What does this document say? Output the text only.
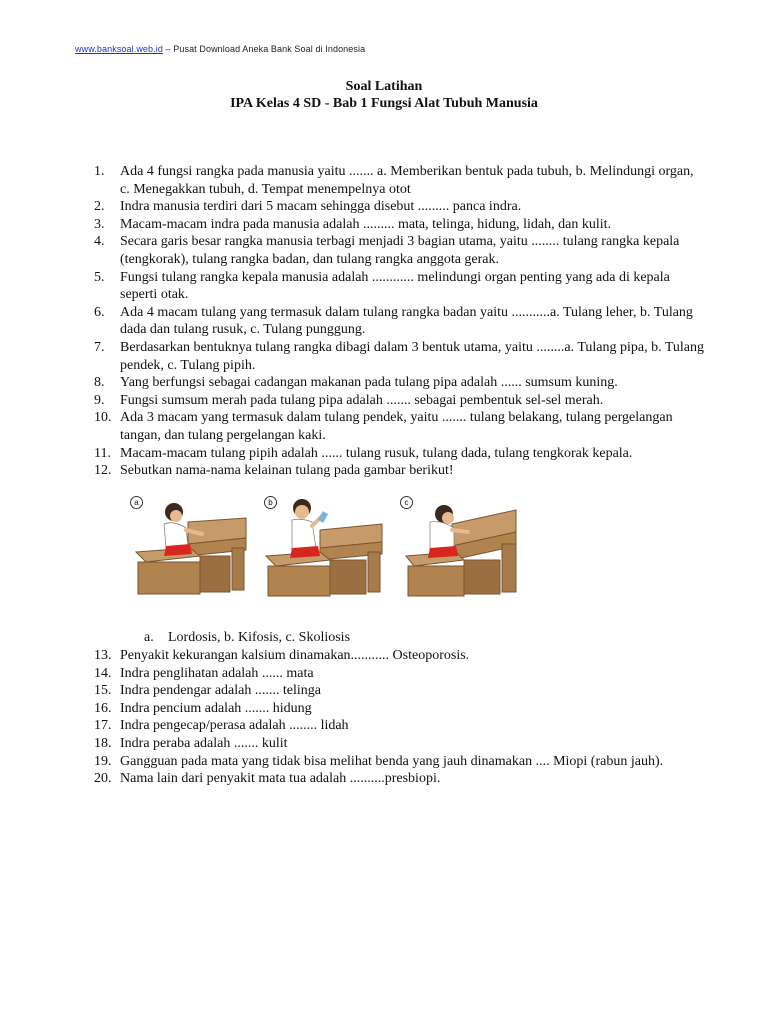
www.banksoal.web.id – Pusat Download Aneka Bank Soal di Indonesia
Soal Latihan
IPA Kelas 4 SD - Bab 1 Fungsi Alat Tubuh Manusia
1.	Ada 4 fungsi rangka pada manusia yaitu ....... a. Memberikan bentuk pada tubuh, b. Melindungi organ, c. Menegakkan tubuh, d. Tempat menempelnya otot
2.	Indra manusia terdiri dari 5 macam sehingga disebut ......... panca indra.
3.	Macam-macam indra pada manusia adalah ......... mata, telinga, hidung, lidah, dan kulit.
4.	Secara garis besar rangka manusia terbagi menjadi 3 bagian utama, yaitu ........ tulang rangka kepala (tengkorak), tulang rangka badan, dan tulang rangka anggota gerak.
5.	Fungsi tulang rangka kepala manusia adalah ............ melindungi organ penting yang ada di kepala seperti otak.
6.	Ada 4 macam tulang yang termasuk dalam tulang rangka badan yaitu ...........a. Tulang leher, b. Tulang dada dan tulang rusuk, c. Tulang punggung.
7.	Berdasarkan bentuknya tulang rangka dibagi dalam 3 bentuk utama, yaitu ........a. Tulang pipa, b. Tulang pendek, c. Tulang pipih.
8.	Yang berfungsi sebagai cadangan makanan pada tulang pipa adalah ...... sumsum kuning.
9.	Fungsi sumsum merah pada tulang pipa adalah ....... sebagai pembentuk sel-sel merah.
10. Ada 3 macam yang termasuk dalam tulang pendek, yaitu ....... tulang belakang, tulang pergelangan tangan, dan tulang pergelangan kaki.
11. Macam-macam tulang pipih adalah ...... tulang rusuk, tulang dada, tulang tengkorak kepala.
12. Sebutkan nama-nama kelainan tulang pada gambar berikut!
a	b	c
a. Lordosis, b. Kifosis, c. Skoliosis
13. Penyakit kekurangan kalsium dinamakan........... Osteoporosis.
14. Indra penglihatan adalah ...... mata
15. Indra pendengar adalah ....... telinga
16. Indra pencium adalah ....... hidung
17. Indra pengecap/perasa adalah ........ lidah
18. Indra peraba adalah ....... kulit
19. Gangguan pada mata yang tidak bisa melihat benda yang jauh dinamakan .... Miopi (rabun jauh).
20. Nama lain dari penyakit mata tua adalah ..........presbiopi.
